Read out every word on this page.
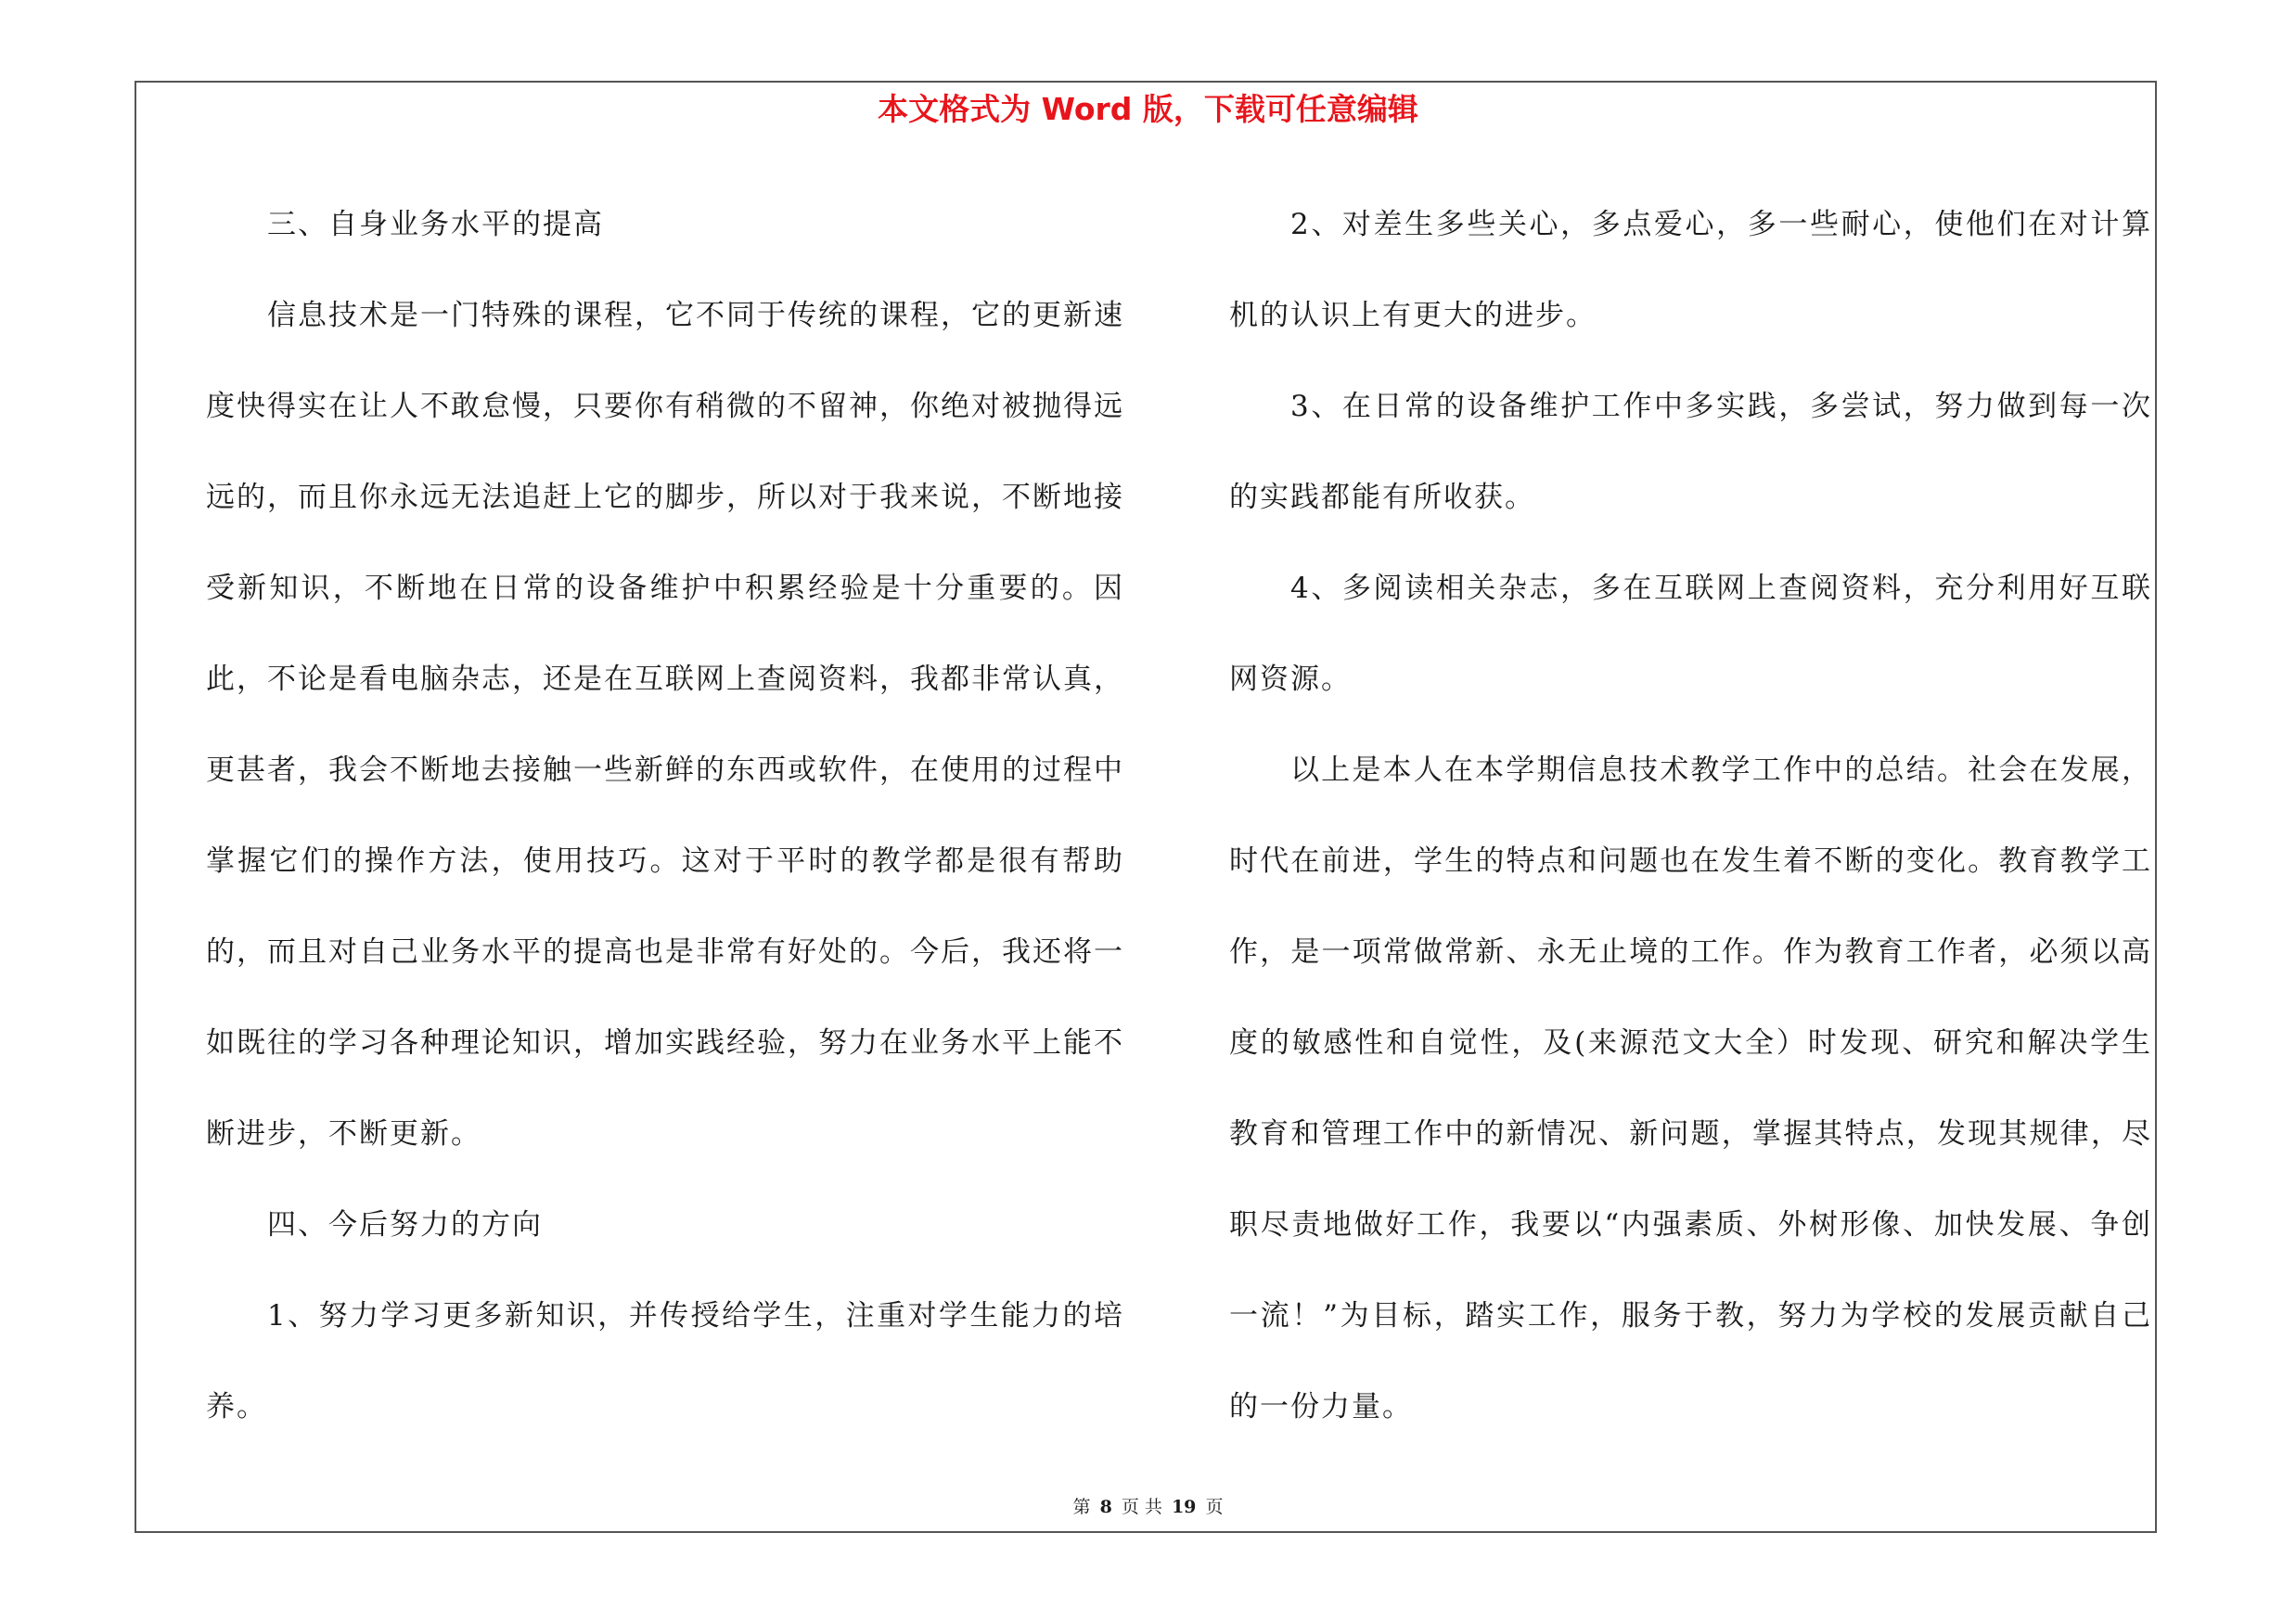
本文格式为 Word 版，下载可任意编辑

三、自身业务水平的提高

信息技术是一门特殊的课程，它不同于传统的课程，它的更新速度快得实在让人不敢怠慢，只要你有稍微的不留神，你绝对被抛得远远的，而且你永远无法追赶上它的脚步，所以对于我来说，不断地接受新知识，不断地在日常的设备维护中积累经验是十分重要的。因此，不论是看电脑杂志，还是在互联网上查阅资料，我都非常认真，更甚者，我会不断地去接触一些新鲜的东西或软件，在使用的过程中掌握它们的操作方法，使用技巧。这对于平时的教学都是很有帮助的，而且对自己业务水平的提高也是非常有好处的。今后，我还将一如既往的学习各种理论知识，增加实践经验，努力在业务水平上能不断进步，不断更新。

四、今后努力的方向

1、努力学习更多新知识，并传授给学生，注重对学生能力的培养。

2、对差生多些关心，多点爱心，多一些耐心，使他们在对计算机的认识上有更大的进步。

3、在日常的设备维护工作中多实践，多尝试，努力做到每一次的实践都能有所收获。

4、多阅读相关杂志，多在互联网上查阅资料，充分利用好互联网资源。

以上是本人在本学期信息技术教学工作中的总结。社会在发展，时代在前进，学生的特点和问题也在发生着不断的变化。教育教学工作，是一项常做常新、永无止境的工作。作为教育工作者，必须以高度的敏感性和自觉性，及(来源范文大全）时发现、研究和解决学生教育和管理工作中的新情况、新问题，掌握其特点，发现其规律，尽职尽责地做好工作，我要以“内强素质、外树形像、加快发展、争创一流！”为目标，踏实工作，服务于教，努力为学校的发展贡献自己的一份力量。

第 8 页 共 19 页
